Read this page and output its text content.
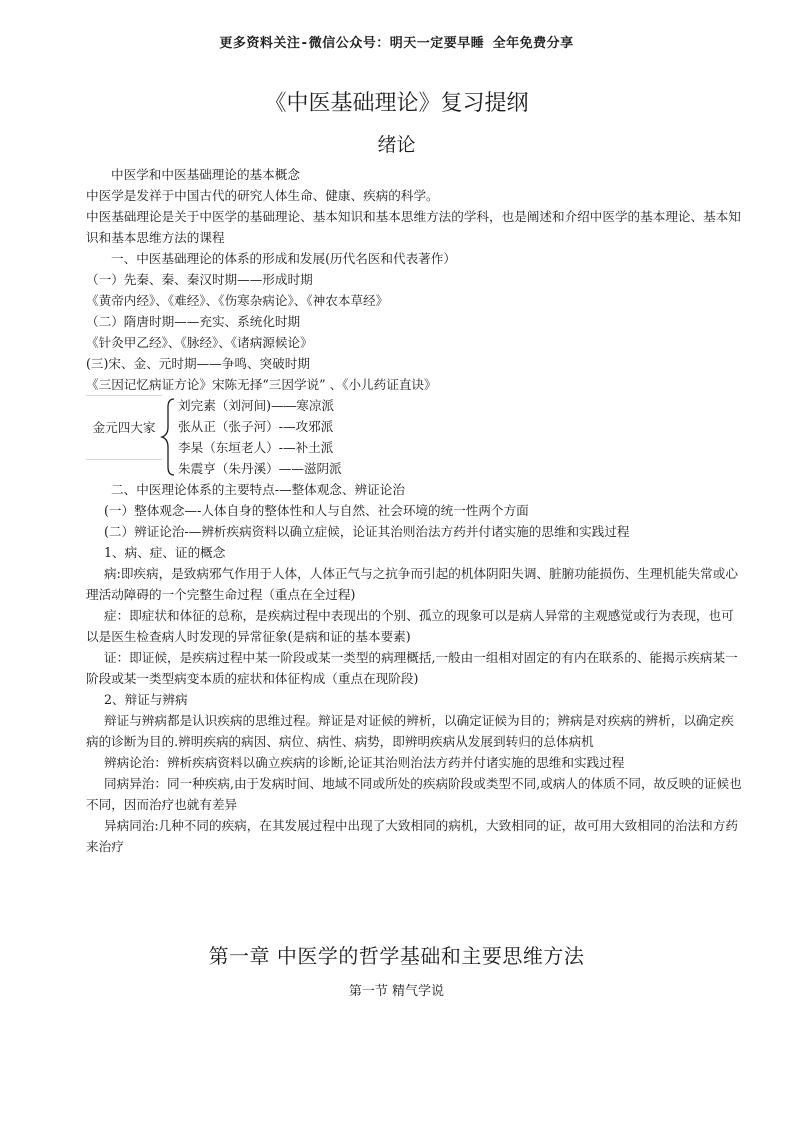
更多资料关注-微信公众号：明天一定要早睡 全年免费分享
《中医基础理论》复习提纲
绪论

中医学和中医基础理论的基本概念

中医学是发祥于中国古代的研究人体生命、健康、疾病的科学。

中医基础理论是关于中医学的基础理论、基本知识和基本思维方法的学科，也是阐述和介绍中医学的基本理论、基本知识和基本思维方法的课程

一、中医基础理论的体系的形成和发展(历代名医和代表著作）

（一）先秦、秦、秦汉时期——形成时期

《黄帝内经》、《难经》、《伤寒杂病论》、《神农本草经》

（二）隋唐时期——充实、系统化时期

《针灸甲乙经》、《脉经》、《诸病源候论》

(三)宋、金、元时期——争鸣、突破时期

《三因记忆病证方论》宋陈无择“三因学说” 、《小儿药证直诀》

金元四大家

刘完素（刘河间)—―寒凉派

张从正（张子河）-—攻邪派

李杲（东垣老人）-—补土派

朱震亨（朱丹溪）——滋阴派

二、中医理论体系的主要特点-—整体观念、辨证论治

(一）整体观念—-人体自身的整体性和人与自然、社会环境的统一性两个方面

(二）辨证论治-—辨析疾病资料以确立症候，论证其治则治法方药并付诸实施的思维和实践过程

1、病、症、证的概念

病:即疾病，是致病邪气作用于人体，人体正气与之抗争而引起的机体阴阳失调、脏腑功能损伤、生理机能失常或心理活动障碍的一个完整生命过程（重点在全过程)

症：即症状和体征的总称，是疾病过程中表现出的个别、孤立的现象可以是病人异常的主观感觉或行为表现，也可以是医生检查病人时发现的异常征象(是病和证的基本要素)

证：即证候，是疾病过程中某一阶段或某一类型的病理概括,一般由一组相对固定的有内在联系的、能揭示疾病某一阶段或某一类型病变本质的症状和体征构成（重点在现阶段)

2、辩证与辨病

辩证与辨病都是认识疾病的思维过程。辩证是对证候的辨析，以确定证候为目的；辨病是对疾病的辨析，以确定疾病的诊断为目的.辨明疾病的病因、病位、病性、病势，即辨明疾病从发展到转归的总体病机

辨病论治：辨析疾病资料以确立疾病的诊断,论证其治则治法方药并付诸实施的思维和实践过程

同病异治：同一种疾病,由于发病时间、地域不同或所处的疾病阶段或类型不同,或病人的体质不同，故反映的证候也不同，因而治疗也就有差异

异病同治:几种不同的疾病，在其发展过程中出现了大致相同的病机，大致相同的证，故可用大致相同的治法和方药来治疗

第一章 中医学的哲学基础和主要思维方法
第一节 精气学说
